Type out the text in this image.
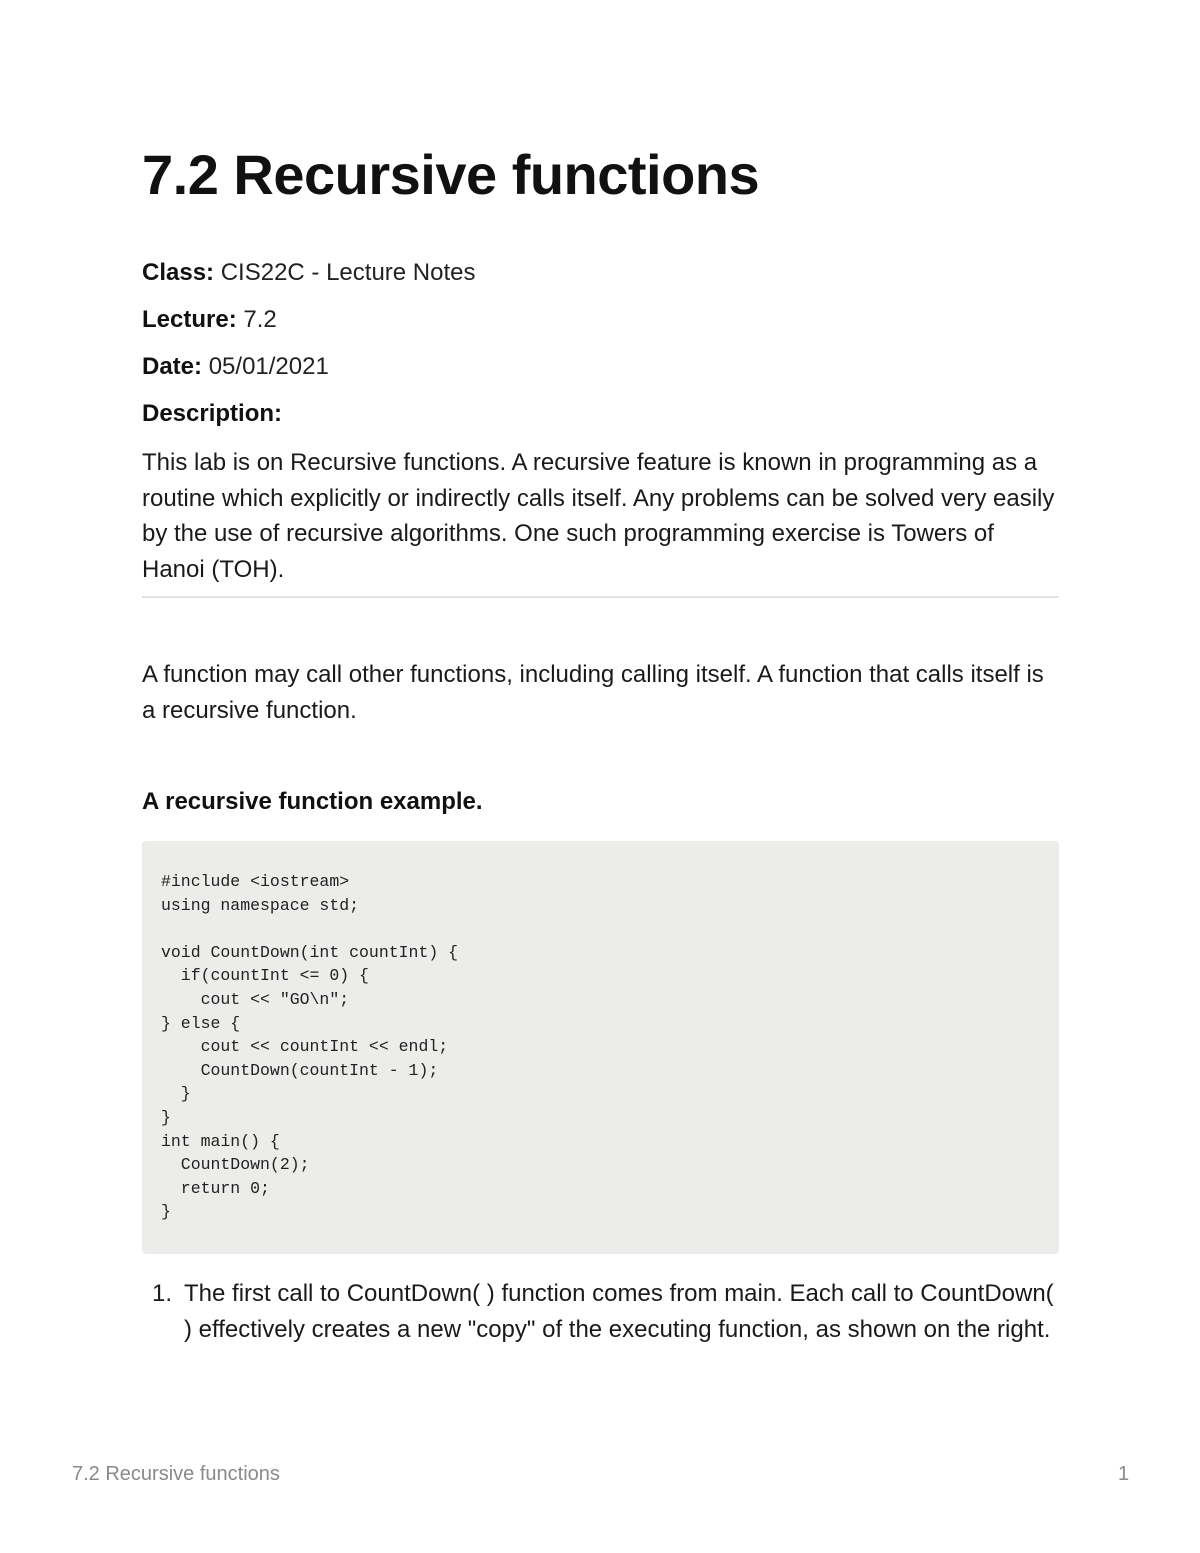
7.2 Recursive functions
Class: CIS22C - Lecture Notes
Lecture: 7.2
Date: 05/01/2021
Description:

This lab is on Recursive functions. A recursive feature is known in programming as a routine which explicitly or indirectly calls itself. Any problems can be solved very easily by the use of recursive algorithms. One such programming exercise is Towers of Hanoi (TOH).

A function may call other functions, including calling itself. A function that calls itself is a recursive function.

A recursive function example.
#include <iostream>
using namespace std;

void CountDown(int countInt) {
if(countInt <= 0) {
cout << "GO\n";
} else {
cout << countInt << endl;
CountDown(countInt - 1);
}
}
int main() {
CountDown(2);
return 0;
}
1. The first call to CountDown( ) function comes from main. Each call to CountDown( ) effectively creates a new "copy" of the executing function, as shown on the right.
7.2 Recursive functions	1
